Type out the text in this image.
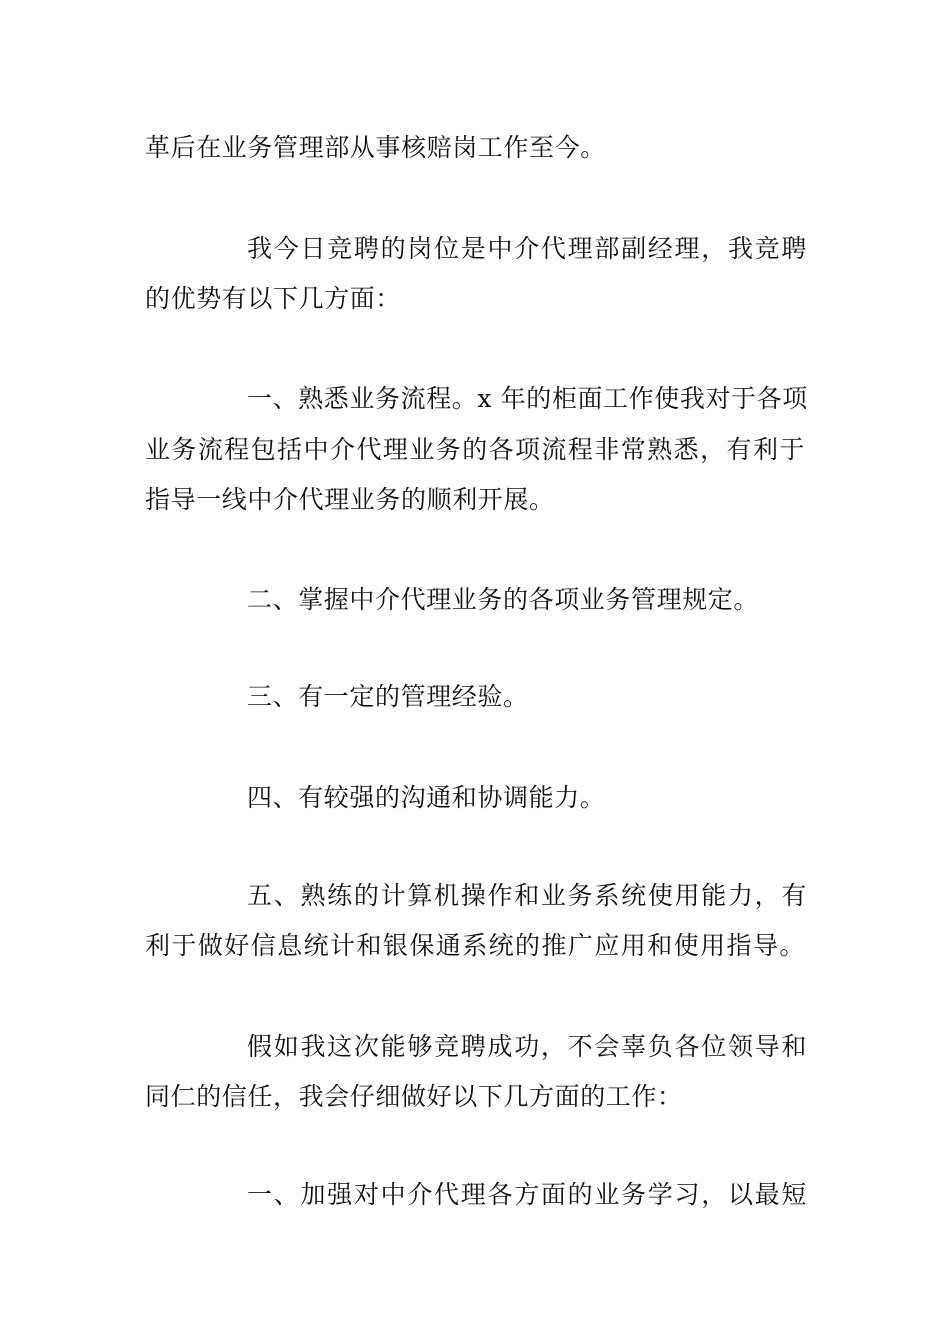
革后在业务管理部从事核赔岗工作至今。
我今日竞聘的岗位是中介代理部副经理，我竞聘
的优势有以下几方面：
一、熟悉业务流程。x 年的柜面工作使我对于各项
业务流程包括中介代理业务的各项流程非常熟悉，有利于
指导一线中介代理业务的顺利开展。
二、掌握中介代理业务的各项业务管理规定。
三、有一定的管理经验。
四、有较强的沟通和协调能力。
五、熟练的计算机操作和业务系统使用能力，有
利于做好信息统计和银保通系统的推广应用和使用指导。
假如我这次能够竞聘成功，不会辜负各位领导和
同仁的信任，我会仔细做好以下几方面的工作：
一、加强对中介代理各方面的业务学习，以最短
